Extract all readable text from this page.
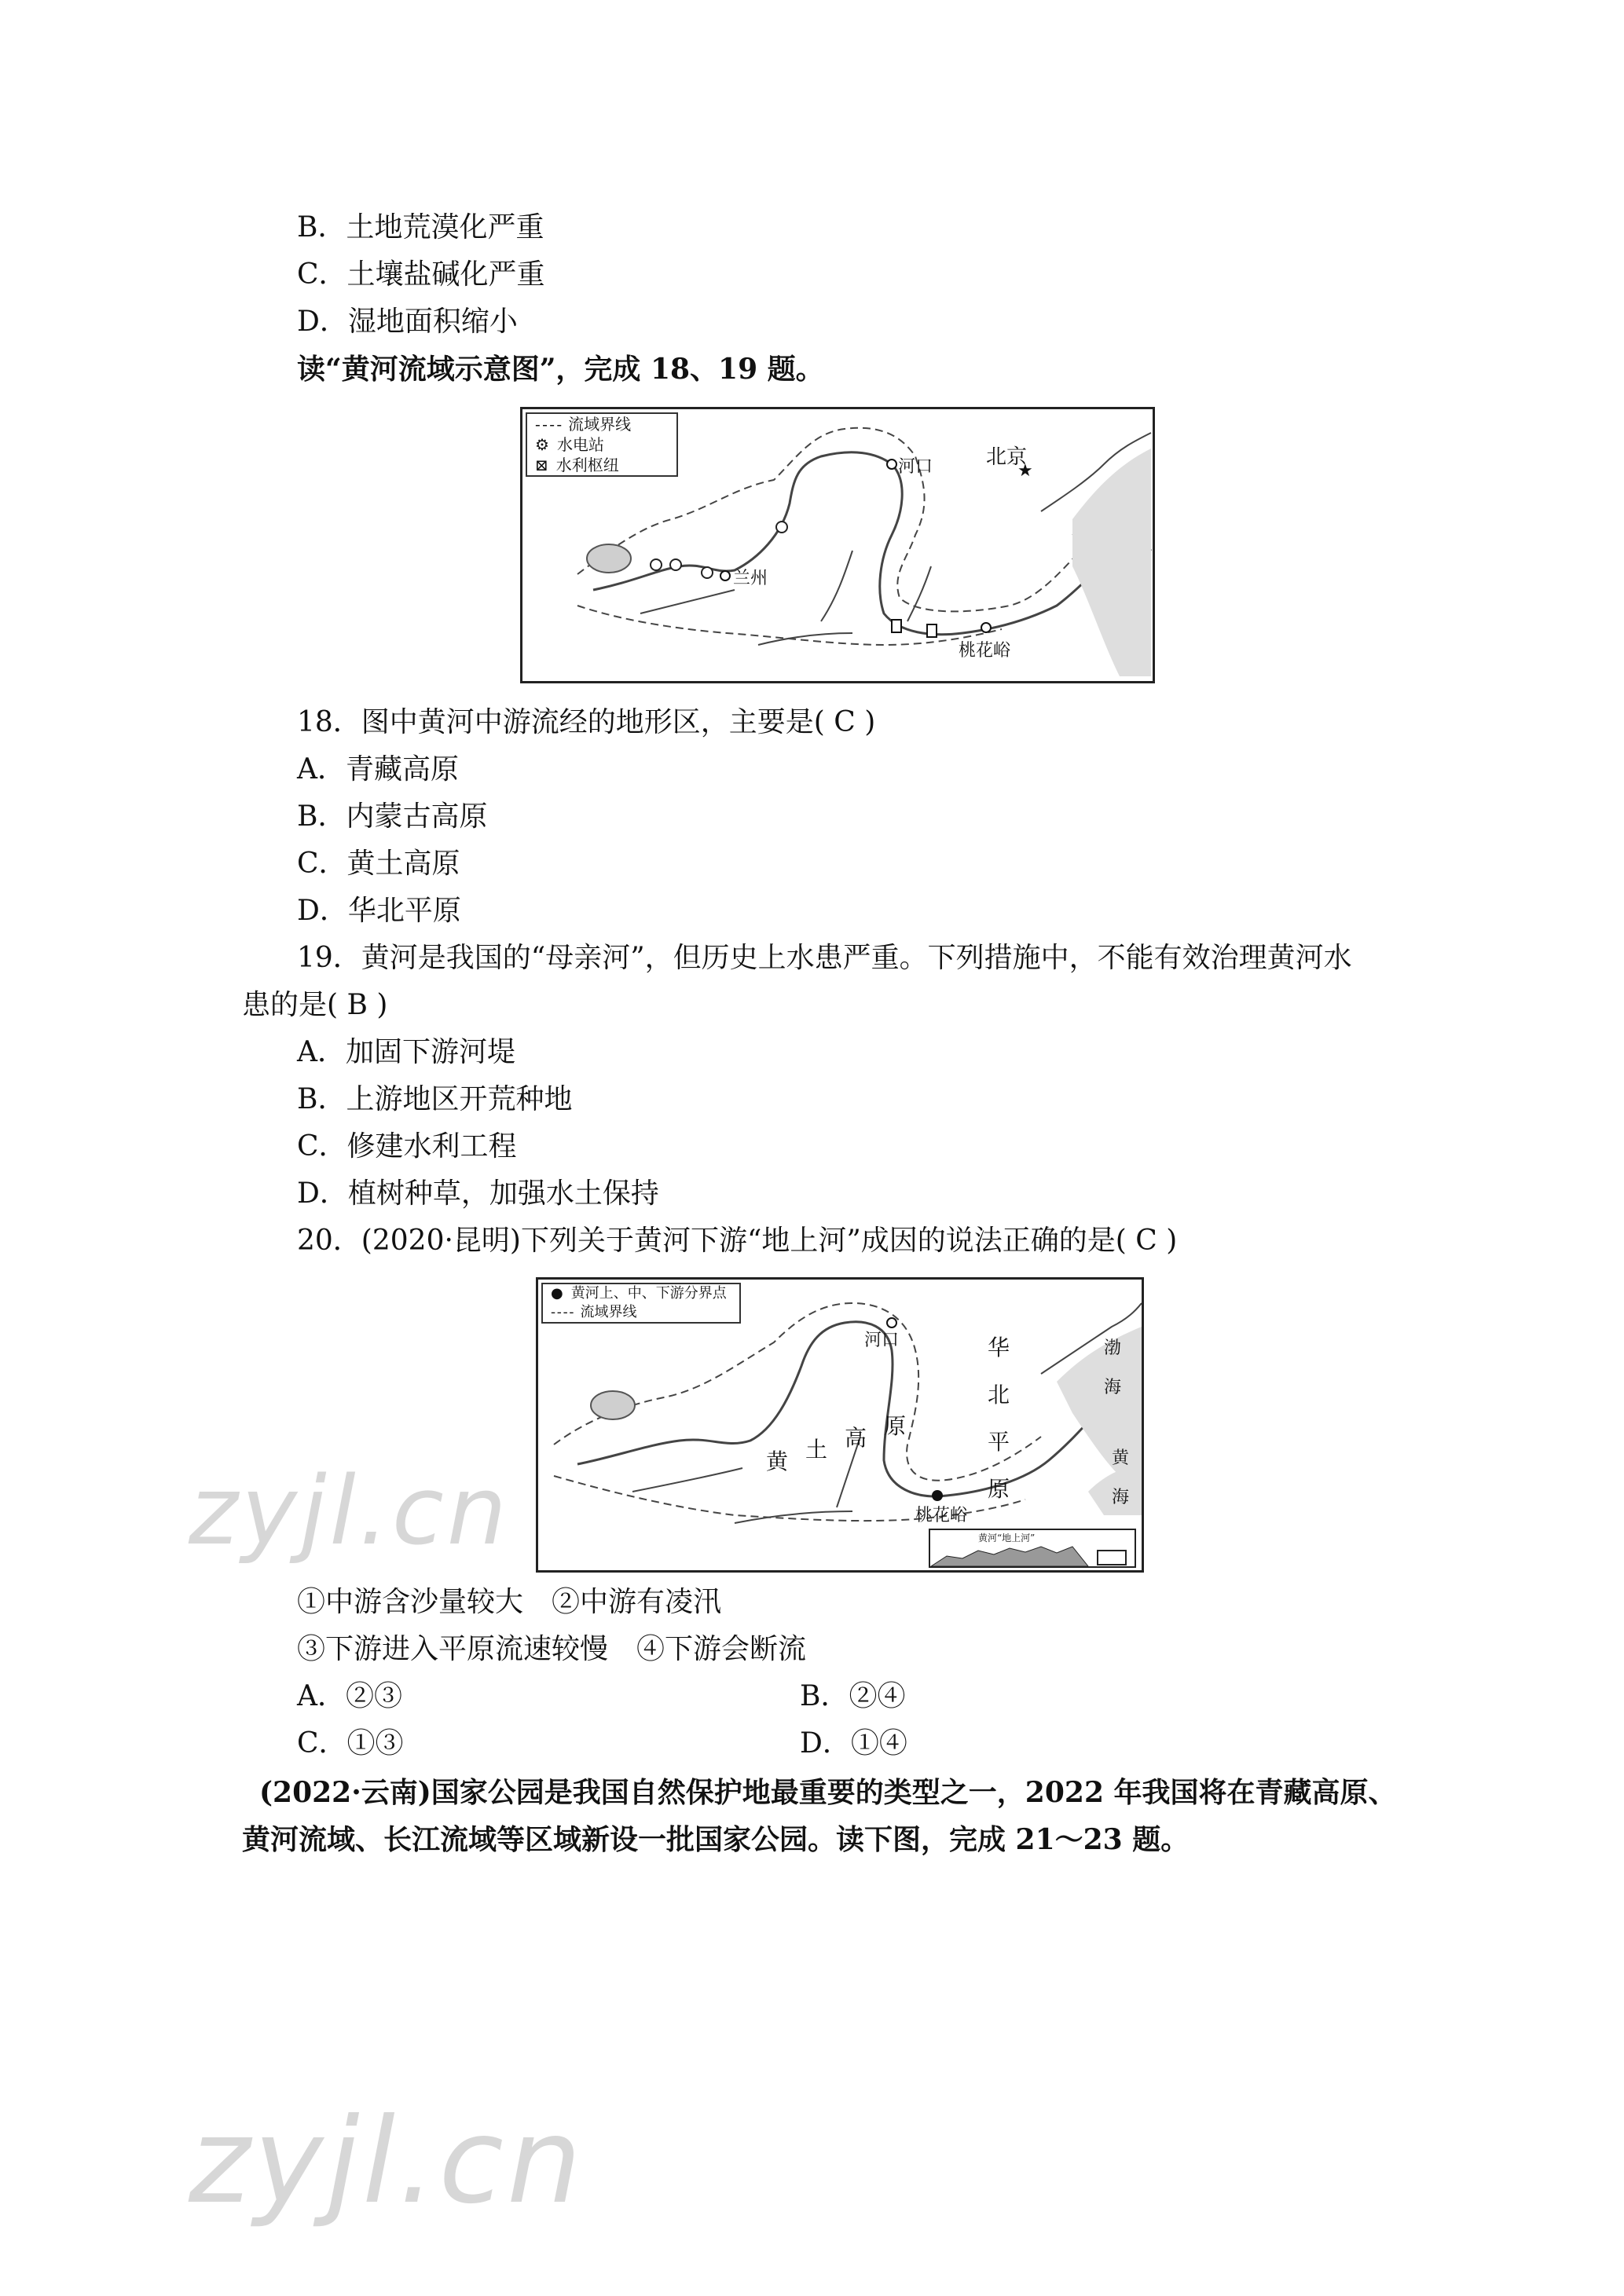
B．土地荒漠化严重
C．土壤盐碱化严重
D．湿地面积缩小
读“黄河流域示意图”，完成 18、19 题。
★
- - - - 流域界线
⚙ 水电站
⊠ 水利枢纽	北京
河口
兰州
桃花峪
18．图中黄河中游流经的地形区，主要是( C )
A．青藏高原
B．内蒙古高原
C．黄土高原
D．华北平原
19．黄河是我国的“母亲河”，但历史上水患严重。下列措施中，不能有效治理黄河水
患的是( B )
A．加固下游河堤
B．上游地区开荒种地
C．修建水利工程
D．植树种草，加强水土保持
20．(2020·昆明)下列关于黄河下游“地上河”成因的说法正确的是( C )
● 黄河上、中、下游分界点
- - - - 流域界线
河口
桃花峪
黄 土 高 原
华
北
平
原
渤
海
黄
海
黄河“地上河”
①中游含沙量较大　②中游有凌汛
③下游进入平原流速较慢　④下游会断流
A．②③	B．②④
C．①③	D．①④
(2022·云南)国家公园是我国自然保护地最重要的类型之一，2022 年我国将在青藏高原、
黄河流域、长江流域等区域新设一批国家公园。读下图，完成 21～23 题。
zyjl.cn
zyjl.cn
